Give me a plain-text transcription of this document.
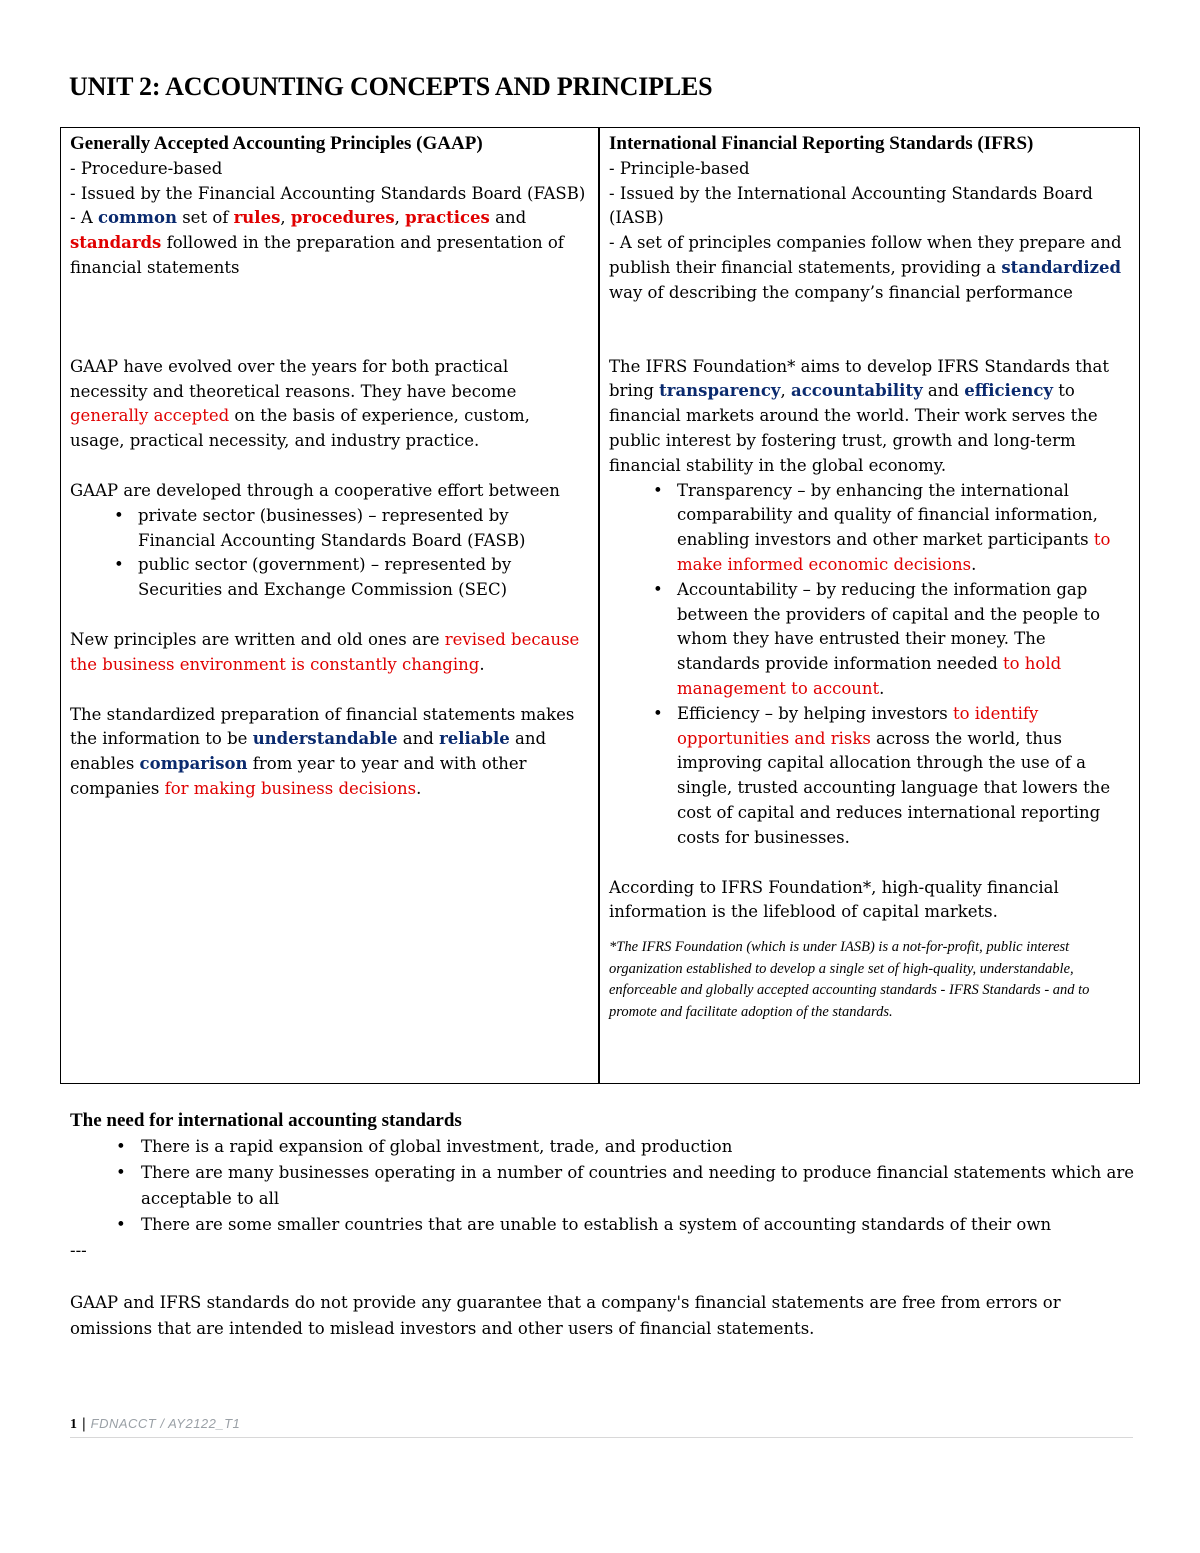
UNIT 2: ACCOUNTING CONCEPTS AND PRINCIPLES
Generally Accepted Accounting Principles (GAAP)
- Procedure-based
- Issued by the Financial Accounting Standards Board (FASB)
- A common set of rules, procedures, practices and standards followed in the preparation and presentation of financial statements
GAAP have evolved over the years for both practical necessity and theoretical reasons. They have become generally accepted on the basis of experience, custom, usage, practical necessity, and industry practice.
GAAP are developed through a cooperative effort between
• private sector (businesses) – represented by Financial Accounting Standards Board (FASB)
• public sector (government) – represented by Securities and Exchange Commission (SEC)
New principles are written and old ones are revised because the business environment is constantly changing.
The standardized preparation of financial statements makes the information to be understandable and reliable and enables comparison from year to year and with other companies for making business decisions.
International Financial Reporting Standards (IFRS)
- Principle-based
- Issued by the International Accounting Standards Board (IASB)
- A set of principles companies follow when they prepare and publish their financial statements, providing a standardized way of describing the company’s financial performance
The IFRS Foundation* aims to develop IFRS Standards that bring transparency, accountability and efficiency to financial markets around the world. Their work serves the public interest by fostering trust, growth and long-term financial stability in the global economy.
• Transparency – by enhancing the international comparability and quality of financial information, enabling investors and other market participants to make informed economic decisions.
• Accountability – by reducing the information gap between the providers of capital and the people to whom they have entrusted their money. The standards provide information needed to hold management to account.
• Efficiency – by helping investors to identify opportunities and risks across the world, thus improving capital allocation through the use of a single, trusted accounting language that lowers the cost of capital and reduces international reporting costs for businesses.
According to IFRS Foundation*, high-quality financial information is the lifeblood of capital markets.
*The IFRS Foundation (which is under IASB) is a not-for-profit, public interest organization established to develop a single set of high-quality, understandable, enforceable and globally accepted accounting standards - IFRS Standards - and to promote and facilitate adoption of the standards.
The need for international accounting standards
• There is a rapid expansion of global investment, trade, and production
• There are many businesses operating in a number of countries and needing to produce financial statements which are acceptable to all
• There are some smaller countries that are unable to establish a system of accounting standards of their own
---
GAAP and IFRS standards do not provide any guarantee that a company's financial statements are free from errors or omissions that are intended to mislead investors and other users of financial statements.
1 | FDNACCT / AY2122_T1
